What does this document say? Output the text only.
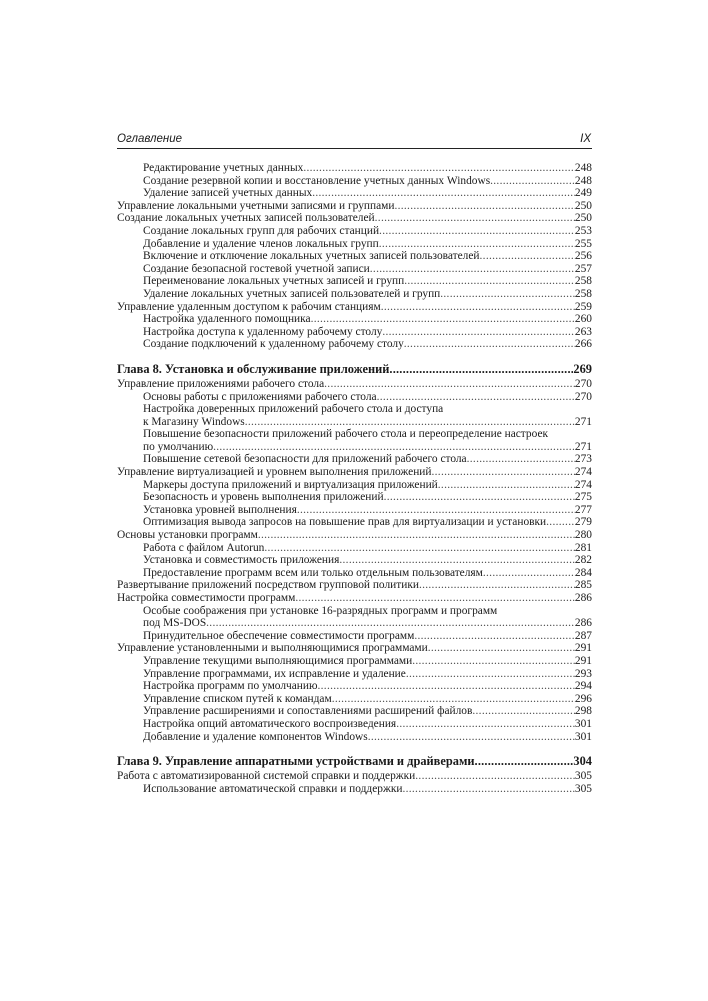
Оглавление	IX
Редактирование учетных данных .....	248
Создание резервной копии и восстановление учетных данных Windows .....	248
Удаление записей учетных данных .....	249
Управление локальными учетными записями и группами .....	250
Создание локальных учетных записей пользователей .....	250
Создание локальных групп для рабочих станций .....	253
Добавление и удаление членов локальных групп .....	255
Включение и отключение локальных учетных записей пользователей .....	256
Создание безопасной гостевой учетной записи .....	257
Переименование локальных учетных записей и групп .....	258
Удаление локальных учетных записей пользователей и групп .....	258
Управление удаленным доступом к рабочим станциям .....	259
Настройка удаленного помощника .....	260
Настройка доступа к удаленному рабочему столу .....	263
Создание подключений к удаленному рабочему столу .....	266
Глава 8. Установка и обслуживание приложений .....	269
Управление приложениями рабочего стола .....	270
Основы работы с приложениями рабочего стола .....	270
Настройка доверенных приложений рабочего стола и доступа
к Магазину Windows .....	271
Повышение безопасности приложений рабочего стола и переопределение настроек
по умолчанию .....	271
Повышение сетевой безопасности для приложений рабочего стола .....	273
Управление виртуализацией и уровнем выполнения приложений .....	274
Маркеры доступа приложений и виртуализация приложений .....	274
Безопасность и уровень выполнения приложений .....	275
Установка уровней выполнения .....	277
Оптимизация вывода запросов на повышение прав для виртуализации и установки .....	279
Основы установки программ .....	280
Работа с файлом Autorun .....	281
Установка и совместимость приложения .....	282
Предоставление программ всем или только отдельным пользователям .....	284
Развертывание приложений посредством групповой политики .....	285
Настройка совместимости программ .....	286
Особые соображения при установке 16-разрядных программ и программ
под MS-DOS .....	286
Принудительное обеспечение совместимости программ .....	287
Управление установленными и выполняющимися программами .....	291
Управление текущими выполняющимися программами .....	291
Управление программами, их исправление и удаление .....	293
Настройка программ по умолчанию .....	294
Управление списком путей к командам .....	296
Управление расширениями и сопоставлениями расширений файлов .....	298
Настройка опций автоматического воспроизведения .....	301
Добавление и удаление компонентов Windows .....	301
Глава 9. Управление аппаратными устройствами и драйверами .....	304
Работа с автоматизированной системой справки и поддержки .....	305
Использование автоматической справки и поддержки .....	305
